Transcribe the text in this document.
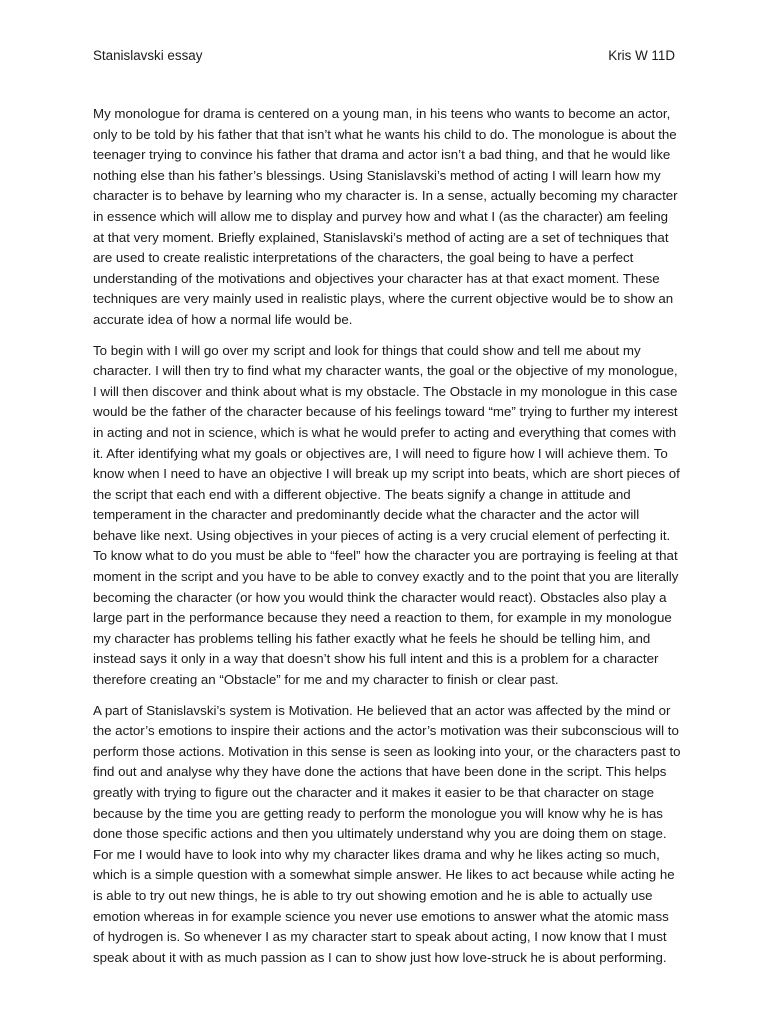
Stanislavski essay	Kris W 11D

My monologue for drama is centered on a young man, in his teens who wants to become an actor, only to be told by his father that that isn’t what he wants his child to do. The monologue is about the teenager trying to convince his father that drama and actor isn’t a bad thing, and that he would like nothing else than his father’s blessings. Using Stanislavski’s method of acting I will learn how my character is to behave by learning who my character is. In a sense, actually becoming my character in essence which will allow me to display and purvey how and what I (as the character) am feeling at that very moment. Briefly explained, Stanislavski’s method of acting are a set of techniques that are used to create realistic interpretations of the characters, the goal being to have a perfect understanding of the motivations and objectives your character has at that exact moment. These techniques are very mainly used in realistic plays, where the current objective would be to show an accurate idea of how a normal life would be.

To begin with I will go over my script and look for things that could show and tell me about my character. I will then try to find what my character wants, the goal or the objective of my monologue, I will then discover and think about what is my obstacle. The Obstacle in my monologue in this case would be the father of the character because of his feelings toward “me” trying to further my interest in acting and not in science, which is what he would prefer to acting and everything that comes with it. After identifying what my goals or objectives are, I will need to figure how I will achieve them. To know when I need to have an objective I will break up my script into beats, which are short pieces of the script that each end with a different objective. The beats signify a change in attitude and temperament in the character and predominantly decide what the character and the actor will behave like next. Using objectives in your pieces of acting is a very crucial element of perfecting it. To know what to do you must be able to “feel” how the character you are portraying is feeling at that moment in the script and you have to be able to convey exactly and to the point that you are literally becoming the character (or how you would think the character would react). Obstacles also play a large part in the performance because they need a reaction to them, for example in my monologue my character has problems telling his father exactly what he feels he should be telling him, and instead says it only in a way that doesn’t show his full intent and this is a problem for a character therefore creating an “Obstacle” for me and my character to finish or clear past.

A part of Stanislavski’s system is Motivation. He believed that an actor was affected by the mind or the actor’s emotions to inspire their actions and the actor’s motivation was their subconscious will to perform those actions. Motivation in this sense is seen as looking into your, or the characters past to find out and analyse why they have done the actions that have been done in the script. This helps greatly with trying to figure out the character and it makes it easier to be that character on stage because by the time you are getting ready to perform the monologue you will know why he is has done those specific actions and then you ultimately understand why you are doing them on stage. For me I would have to look into why my character likes drama and why he likes acting so much, which is a simple question with a somewhat simple answer. He likes to act because while acting he is able to try out new things, he is able to try out showing emotion and he is able to actually use emotion whereas in for example science you never use emotions to answer what the atomic mass of hydrogen is. So whenever I as my character start to speak about acting, I now know that I must speak about it with as much passion as I can to show just how love-struck he is about performing.
